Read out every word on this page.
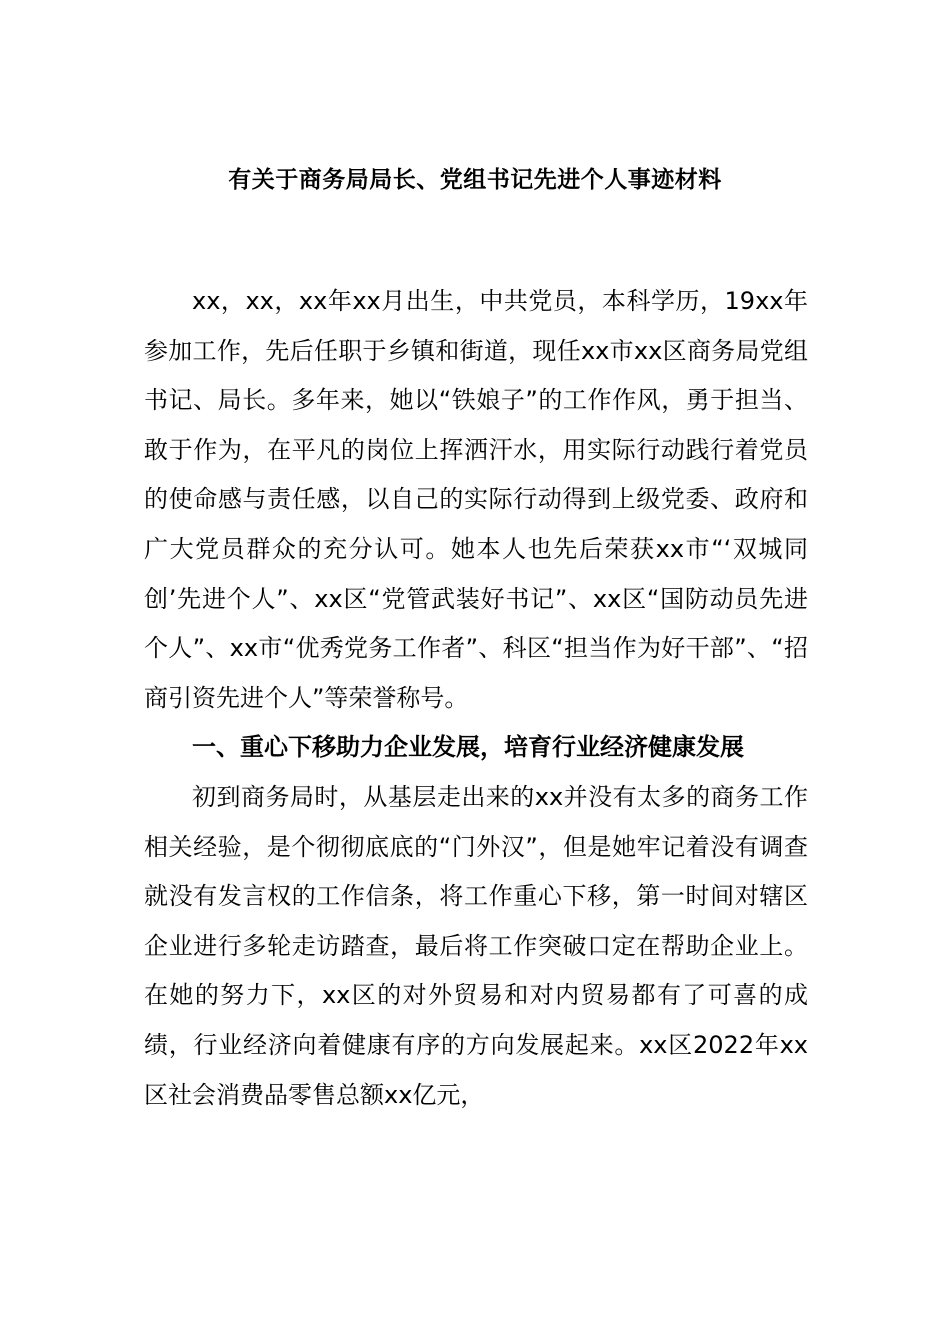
有关于商务局局长、党组书记先进个人事迹材料

xx，xx，xx年xx月出生，中共党员，本科学历，19xx年参加工作，先后任职于乡镇和街道，现任xx市xx区商务局党组书记、局长。多年来，她以“铁娘子”的工作作风，勇于担当、敢于作为，在平凡的岗位上挥洒汗水，用实际行动践行着党员的使命感与责任感，以自己的实际行动得到上级党委、政府和广大党员群众的充分认可。她本人也先后荣获xx市“‘双城同创’先进个人”、xx区“党管武装好书记”、xx区“国防动员先进个人”、xx市“优秀党务工作者”、科区“担当作为好干部”、“招商引资先进个人”等荣誉称号。

一、重心下移助力企业发展，培育行业经济健康发展

初到商务局时，从基层走出来的xx并没有太多的商务工作相关经验，是个彻彻底底的“门外汉”，但是她牢记着没有调查就没有发言权的工作信条，将工作重心下移，第一时间对辖区企业进行多轮走访踏查，最后将工作突破口定在帮助企业上。在她的努力下，xx区的对外贸易和对内贸易都有了可喜的成绩，行业经济向着健康有序的方向发展起来。xx区2022年xx区社会消费品零售总额xx亿元，
